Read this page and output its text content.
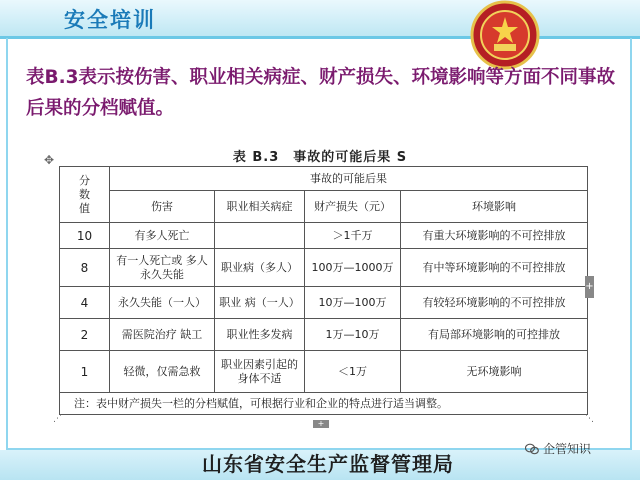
安全培训
表B.3表示按伤害、职业相关病症、财产损失、环境影响等方面不同事故后果的分档赋值。
✥	表 B.3　事故的可能后果 S
分
数
值	事故的可能后果			
	伤害	职业相关病症	财产损失（元）	环境影响
10	有多人死亡		＞1千万	有重大环境影响的不可控排放
8	有一人死亡或 多人永久失能	职业病（多人）	100万—1000万	有中等环境影响的不可控排放
4	永久失能（一人）	职业 病（一人）	10万—100万	有较轻环境影响的不可控排放
2	需医院治疗 缺工	职业性多发病	1万—10万	有局部环境影响的可控排放
1	轻微，仅需急救	职业因素引起的身体不适	＜1万	无环境影响
注：表中财产损失一栏的分档赋值，可根据行业和企业的特点进行适当调整。				
+
⋰	⋱
+
山东省安全生产监督管理局
企管知识
